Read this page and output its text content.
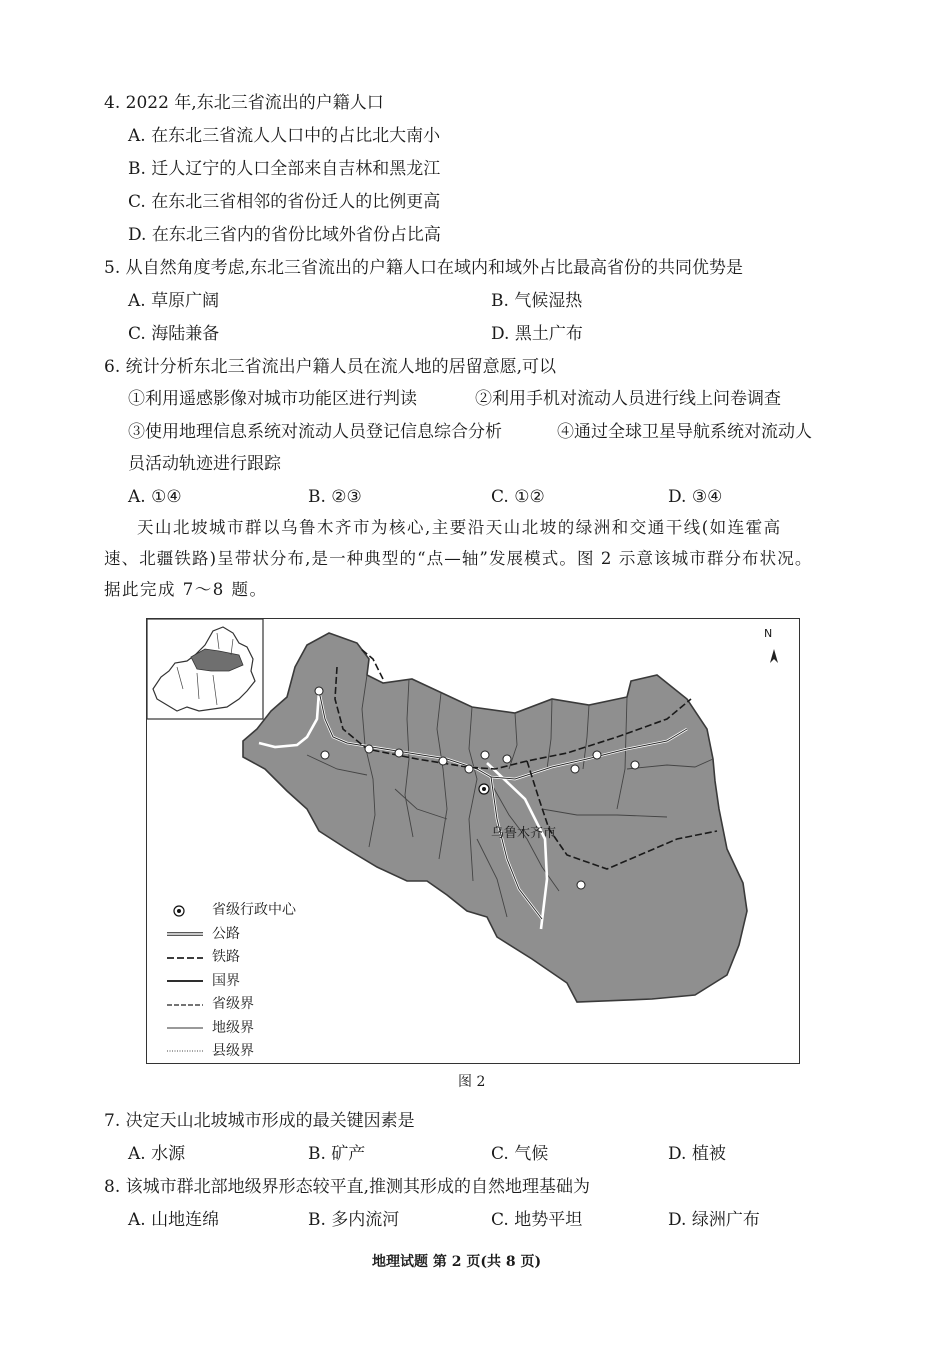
4. 2022 年,东北三省流出的户籍人口
A. 在东北三省流人人口中的占比北大南小
B. 迁人辽宁的人口全部来自吉林和黑龙江
C. 在东北三省相邻的省份迁人的比例更高
D. 在东北三省内的省份比域外省份占比高
5. 从自然角度考虑,东北三省流出的户籍人口在域内和域外占比最高省份的共同优势是
A. 草原广阔	B. 气候湿热
C. 海陆兼备	D. 黑土广布
6. 统计分析东北三省流出户籍人员在流人地的居留意愿,可以
①利用遥感影像对城市功能区进行判读	②利用手机对流动人员进行线上问卷调查
③使用地理信息系统对流动人员登记信息综合分析	④通过全球卫星导航系统对流动人
员活动轨迹进行跟踪
A. ①④	B. ②③	C. ①②	D. ③④
天山北坡城市群以乌鲁木齐市为核心,主要沿天山北坡的绿洲和交通干线(如连霍高
速、北疆铁路)呈带状分布,是一种典型的“点—轴”发展模式。图 2 示意该城市群分布状况。
据此完成 7～8 题。
N
乌鲁木齐市
省级行政中心
公路
铁路
国界
省级界
地级界
县级界
图 2
7. 决定天山北坡城市形成的最关键因素是
A. 水源	B. 矿产	C. 气候	D. 植被
8. 该城市群北部地级界形态较平直,推测其形成的自然地理基础为
A. 山地连绵	B. 多内流河	C. 地势平坦	D. 绿洲广布
地理试题 第 2 页(共 8 页)
